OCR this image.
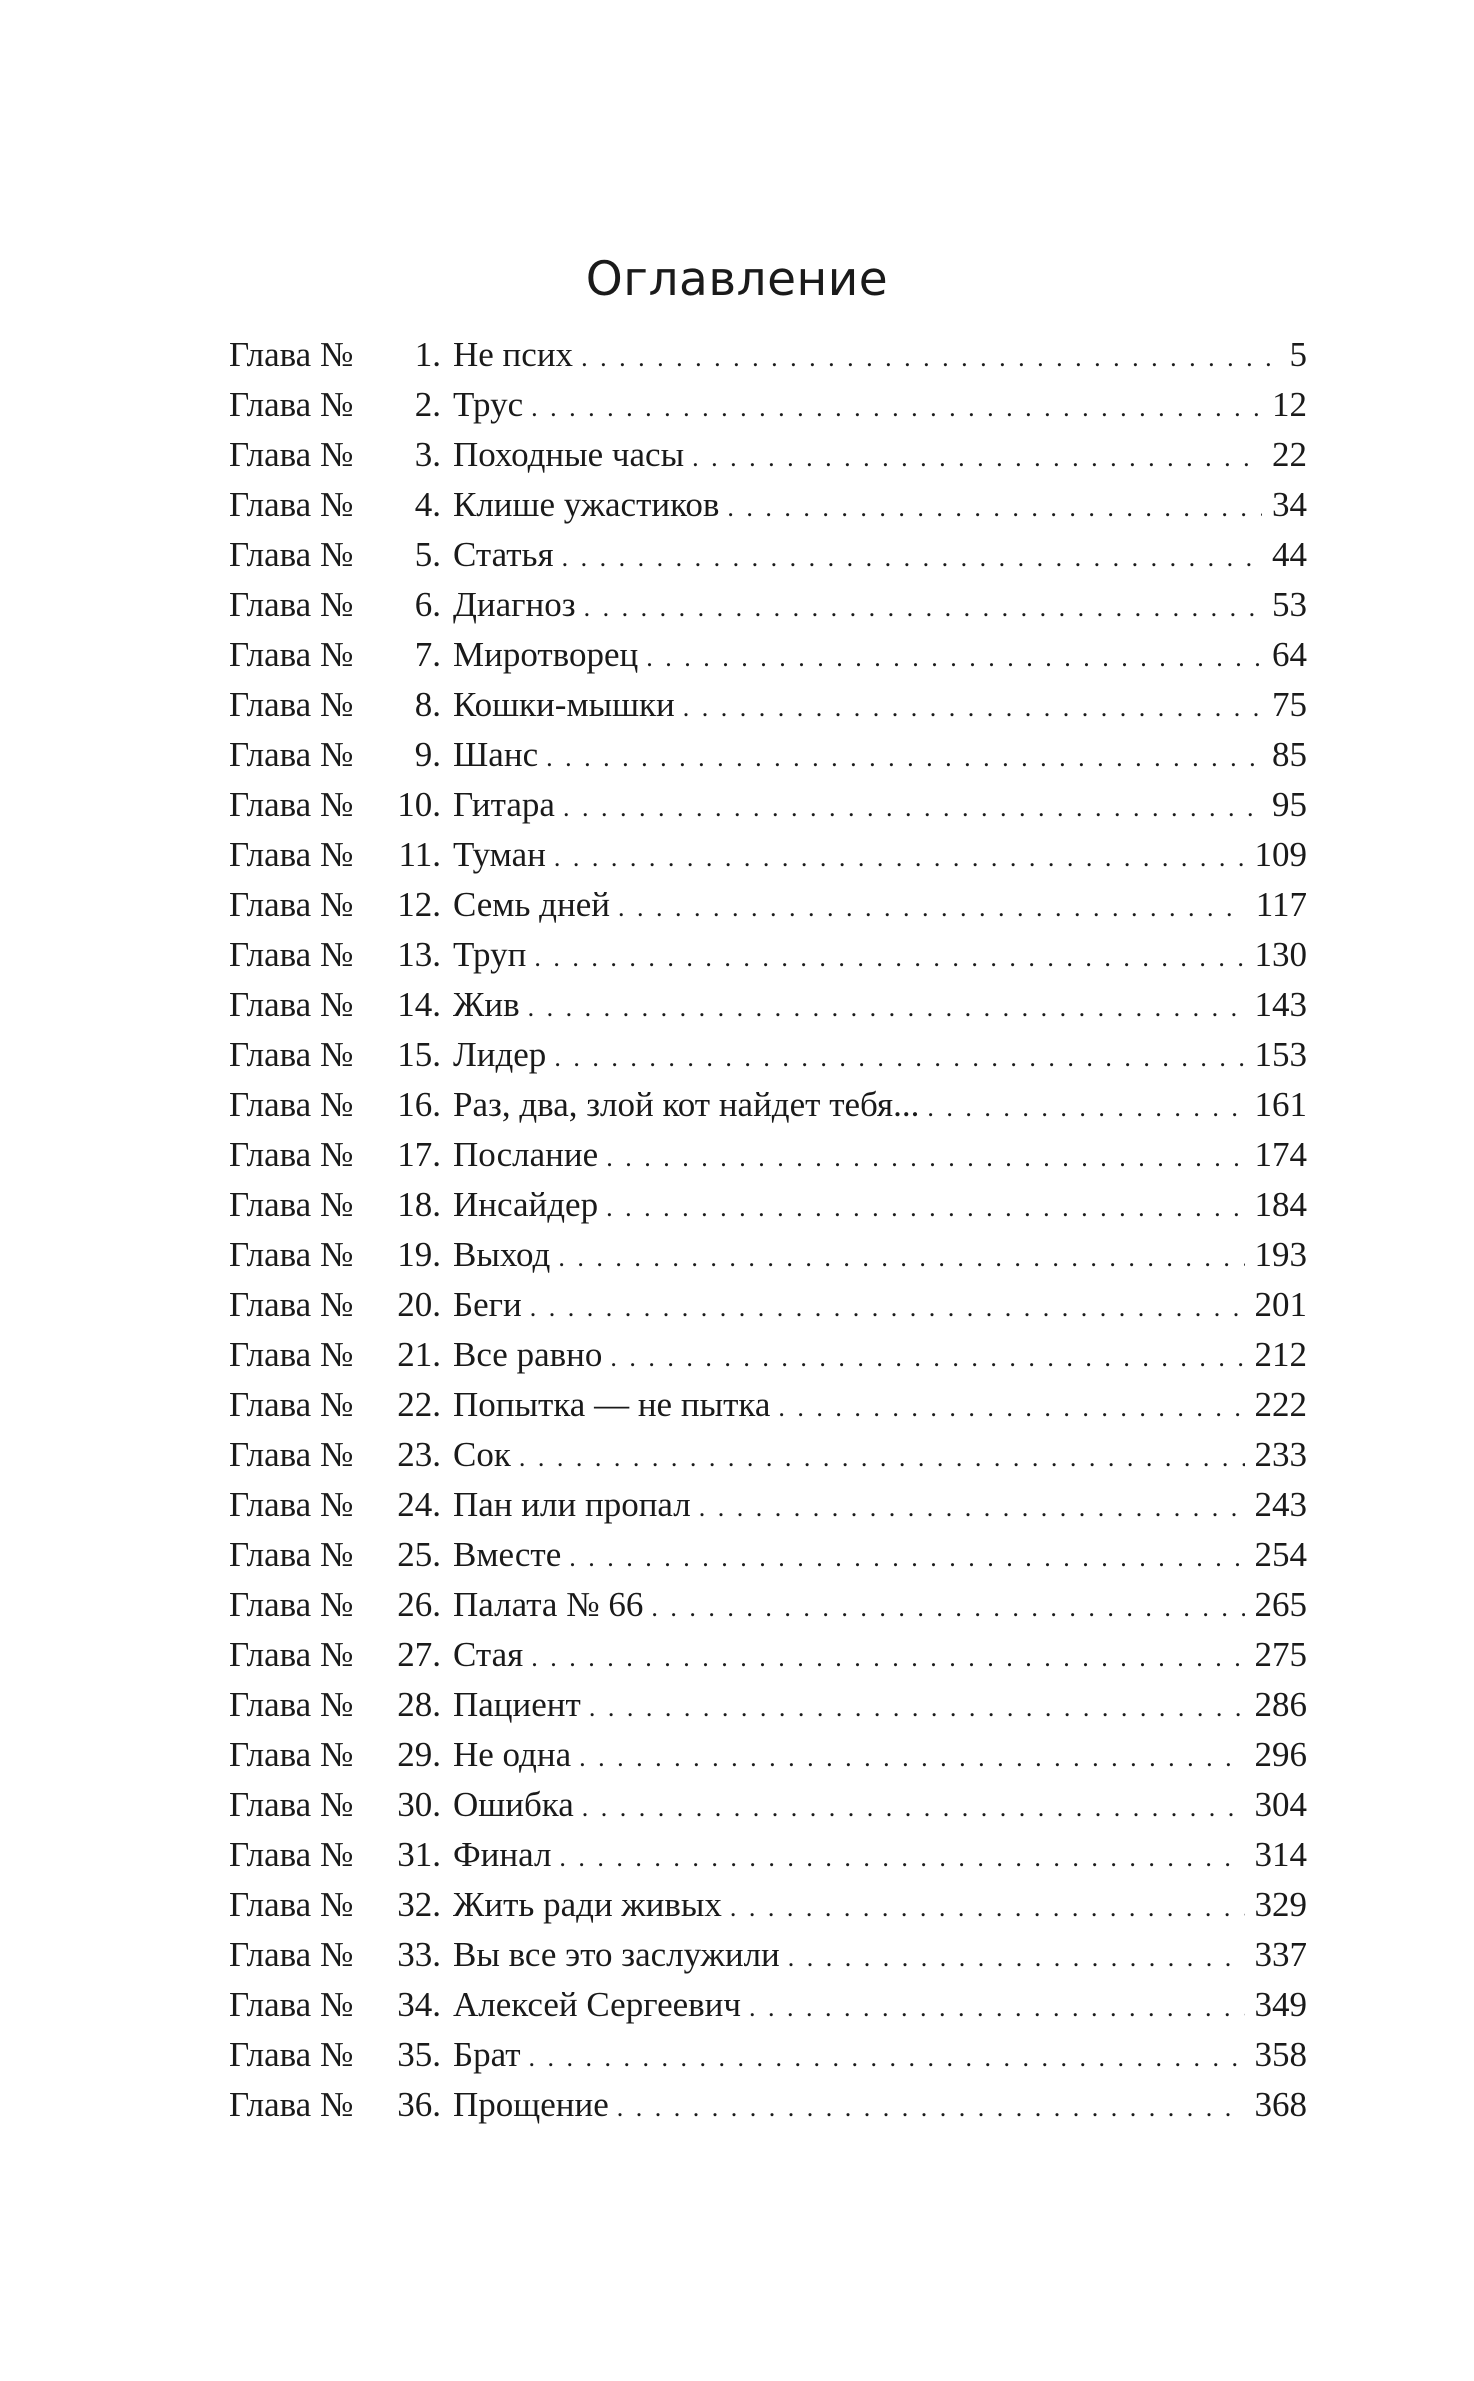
Оглавление
Глава №	1. Не псих . . .	5
Глава №	2. Трус . . .	12
Глава №	3. Походные часы . . .	22
Глава №	4. Клише ужастиков . . .	34
Глава №	5. Статья . . .	44
Глава №	6. Диагноз . . .	53
Глава №	7. Миротворец . . .	64
Глава №	8. Кошки-мышки . . .	75
Глава №	9. Шанс . . .	85
Глава №	10. Гитара . . .	95
Глава №	11. Туман . . .	109
Глава №	12. Семь дней . . .	117
Глава №	13. Труп . . .	130
Глава №	14. Жив . . .	143
Глава №	15. Лидер . . .	153
Глава №	16. Раз, два, злой кот найдет тебя... . . .	161
Глава №	17. Послание . . .	174
Глава №	18. Инсайдер . . .	184
Глава №	19. Выход . . .	193
Глава №	20. Беги . . .	201
Глава №	21. Все равно . . .	212
Глава №	22. Попытка — не пытка . . .	222
Глава №	23. Сок . . .	233
Глава №	24. Пан или пропал . . .	243
Глава №	25. Вместе . . .	254
Глава №	26. Палата № 66 . . .	265
Глава №	27. Стая . . .	275
Глава №	28. Пациент . . .	286
Глава №	29. Не одна . . .	296
Глава №	30. Ошибка . . .	304
Глава №	31. Финал . . .	314
Глава №	32. Жить ради живых . . .	329
Глава №	33. Вы все это заслужили . . .	337
Глава №	34. Алексей Сергеевич . . .	349
Глава №	35. Брат . . .	358
Глава №	36. Прощение . . .	368
